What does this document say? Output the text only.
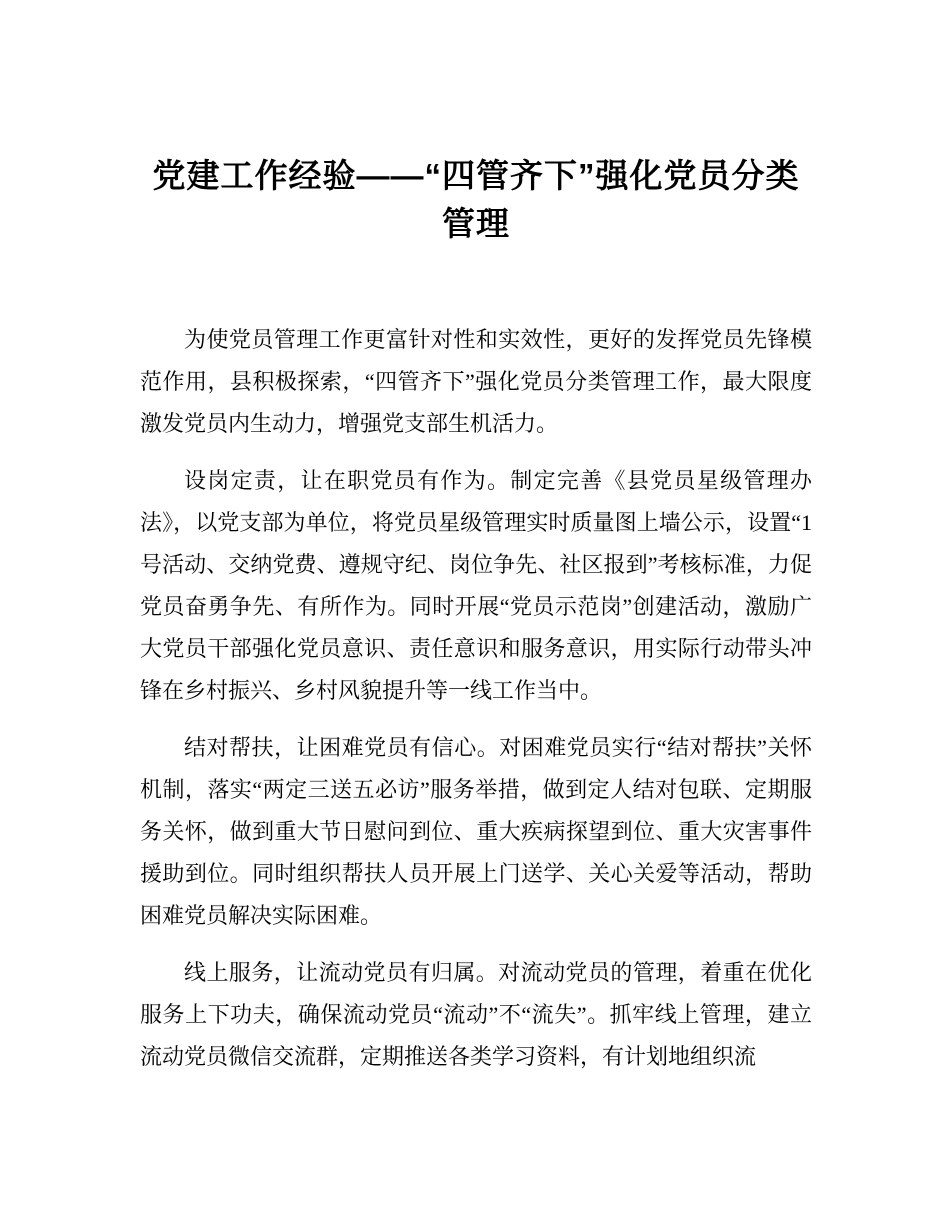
党建工作经验——“四管齐下”强化党员分类
管理

为使党员管理工作更富针对性和实效性，更好的发挥党员先锋模范作用，县积极探索，“四管齐下”强化党员分类管理工作，最大限度激发党员内生动力，增强党支部生机活力。

设岗定责，让在职党员有作为。制定完善《县党员星级管理办法》，以党支部为单位，将党员星级管理实时质量图上墙公示，设置“1号活动、交纳党费、遵规守纪、岗位争先、社区报到”考核标准，力促党员奋勇争先、有所作为。同时开展“党员示范岗”创建活动，激励广大党员干部强化党员意识、责任意识和服务意识，用实际行动带头冲锋在乡村振兴、乡村风貌提升等一线工作当中。

结对帮扶，让困难党员有信心。对困难党员实行“结对帮扶”关怀机制，落实“两定三送五必访”服务举措，做到定人结对包联、定期服务关怀，做到重大节日慰问到位、重大疾病探望到位、重大灾害事件援助到位。同时组织帮扶人员开展上门送学、关心关爱等活动，帮助困难党员解决实际困难。

线上服务，让流动党员有归属。对流动党员的管理，着重在优化服务上下功夫，确保流动党员“流动”不“流失”。抓牢线上管理，建立流动党员微信交流群，定期推送各类学习资料，有计划地组织流
